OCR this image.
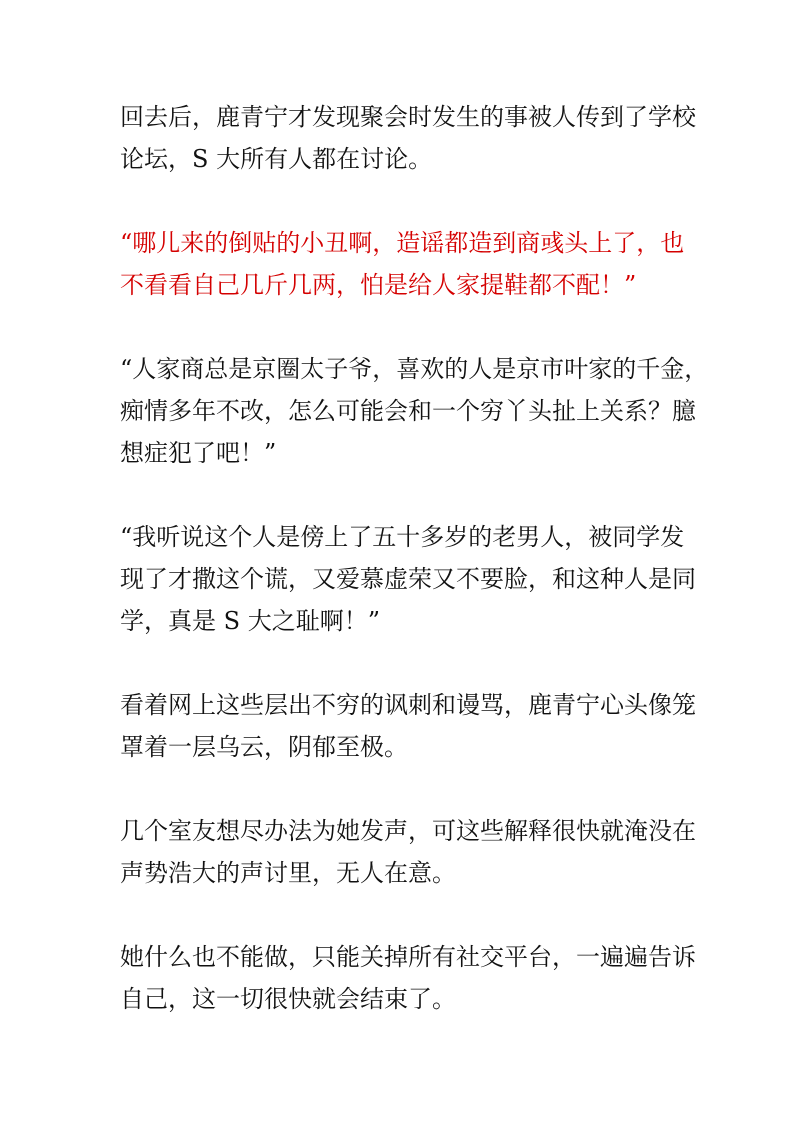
回去后，鹿青宁才发现聚会时发生的事被人传到了学校
论坛，S 大所有人都在讨论。
“哪儿来的倒贴的小丑啊，造谣都造到商彧头上了，也
不看看自己几斤几两，怕是给人家提鞋都不配！”
“人家商总是京圈太子爷，喜欢的人是京市叶家的千金，
痴情多年不改，怎么可能会和一个穷丫头扯上关系？臆
想症犯了吧！”
“我听说这个人是傍上了五十多岁的老男人，被同学发
现了才撒这个谎，又爱慕虚荣又不要脸，和这种人是同
学，真是 S 大之耻啊！”
看着网上这些层出不穷的讽刺和谩骂，鹿青宁心头像笼
罩着一层乌云，阴郁至极。
几个室友想尽办法为她发声，可这些解释很快就淹没在
声势浩大的声讨里，无人在意。
她什么也不能做，只能关掉所有社交平台，一遍遍告诉
自己，这一切很快就会结束了。
